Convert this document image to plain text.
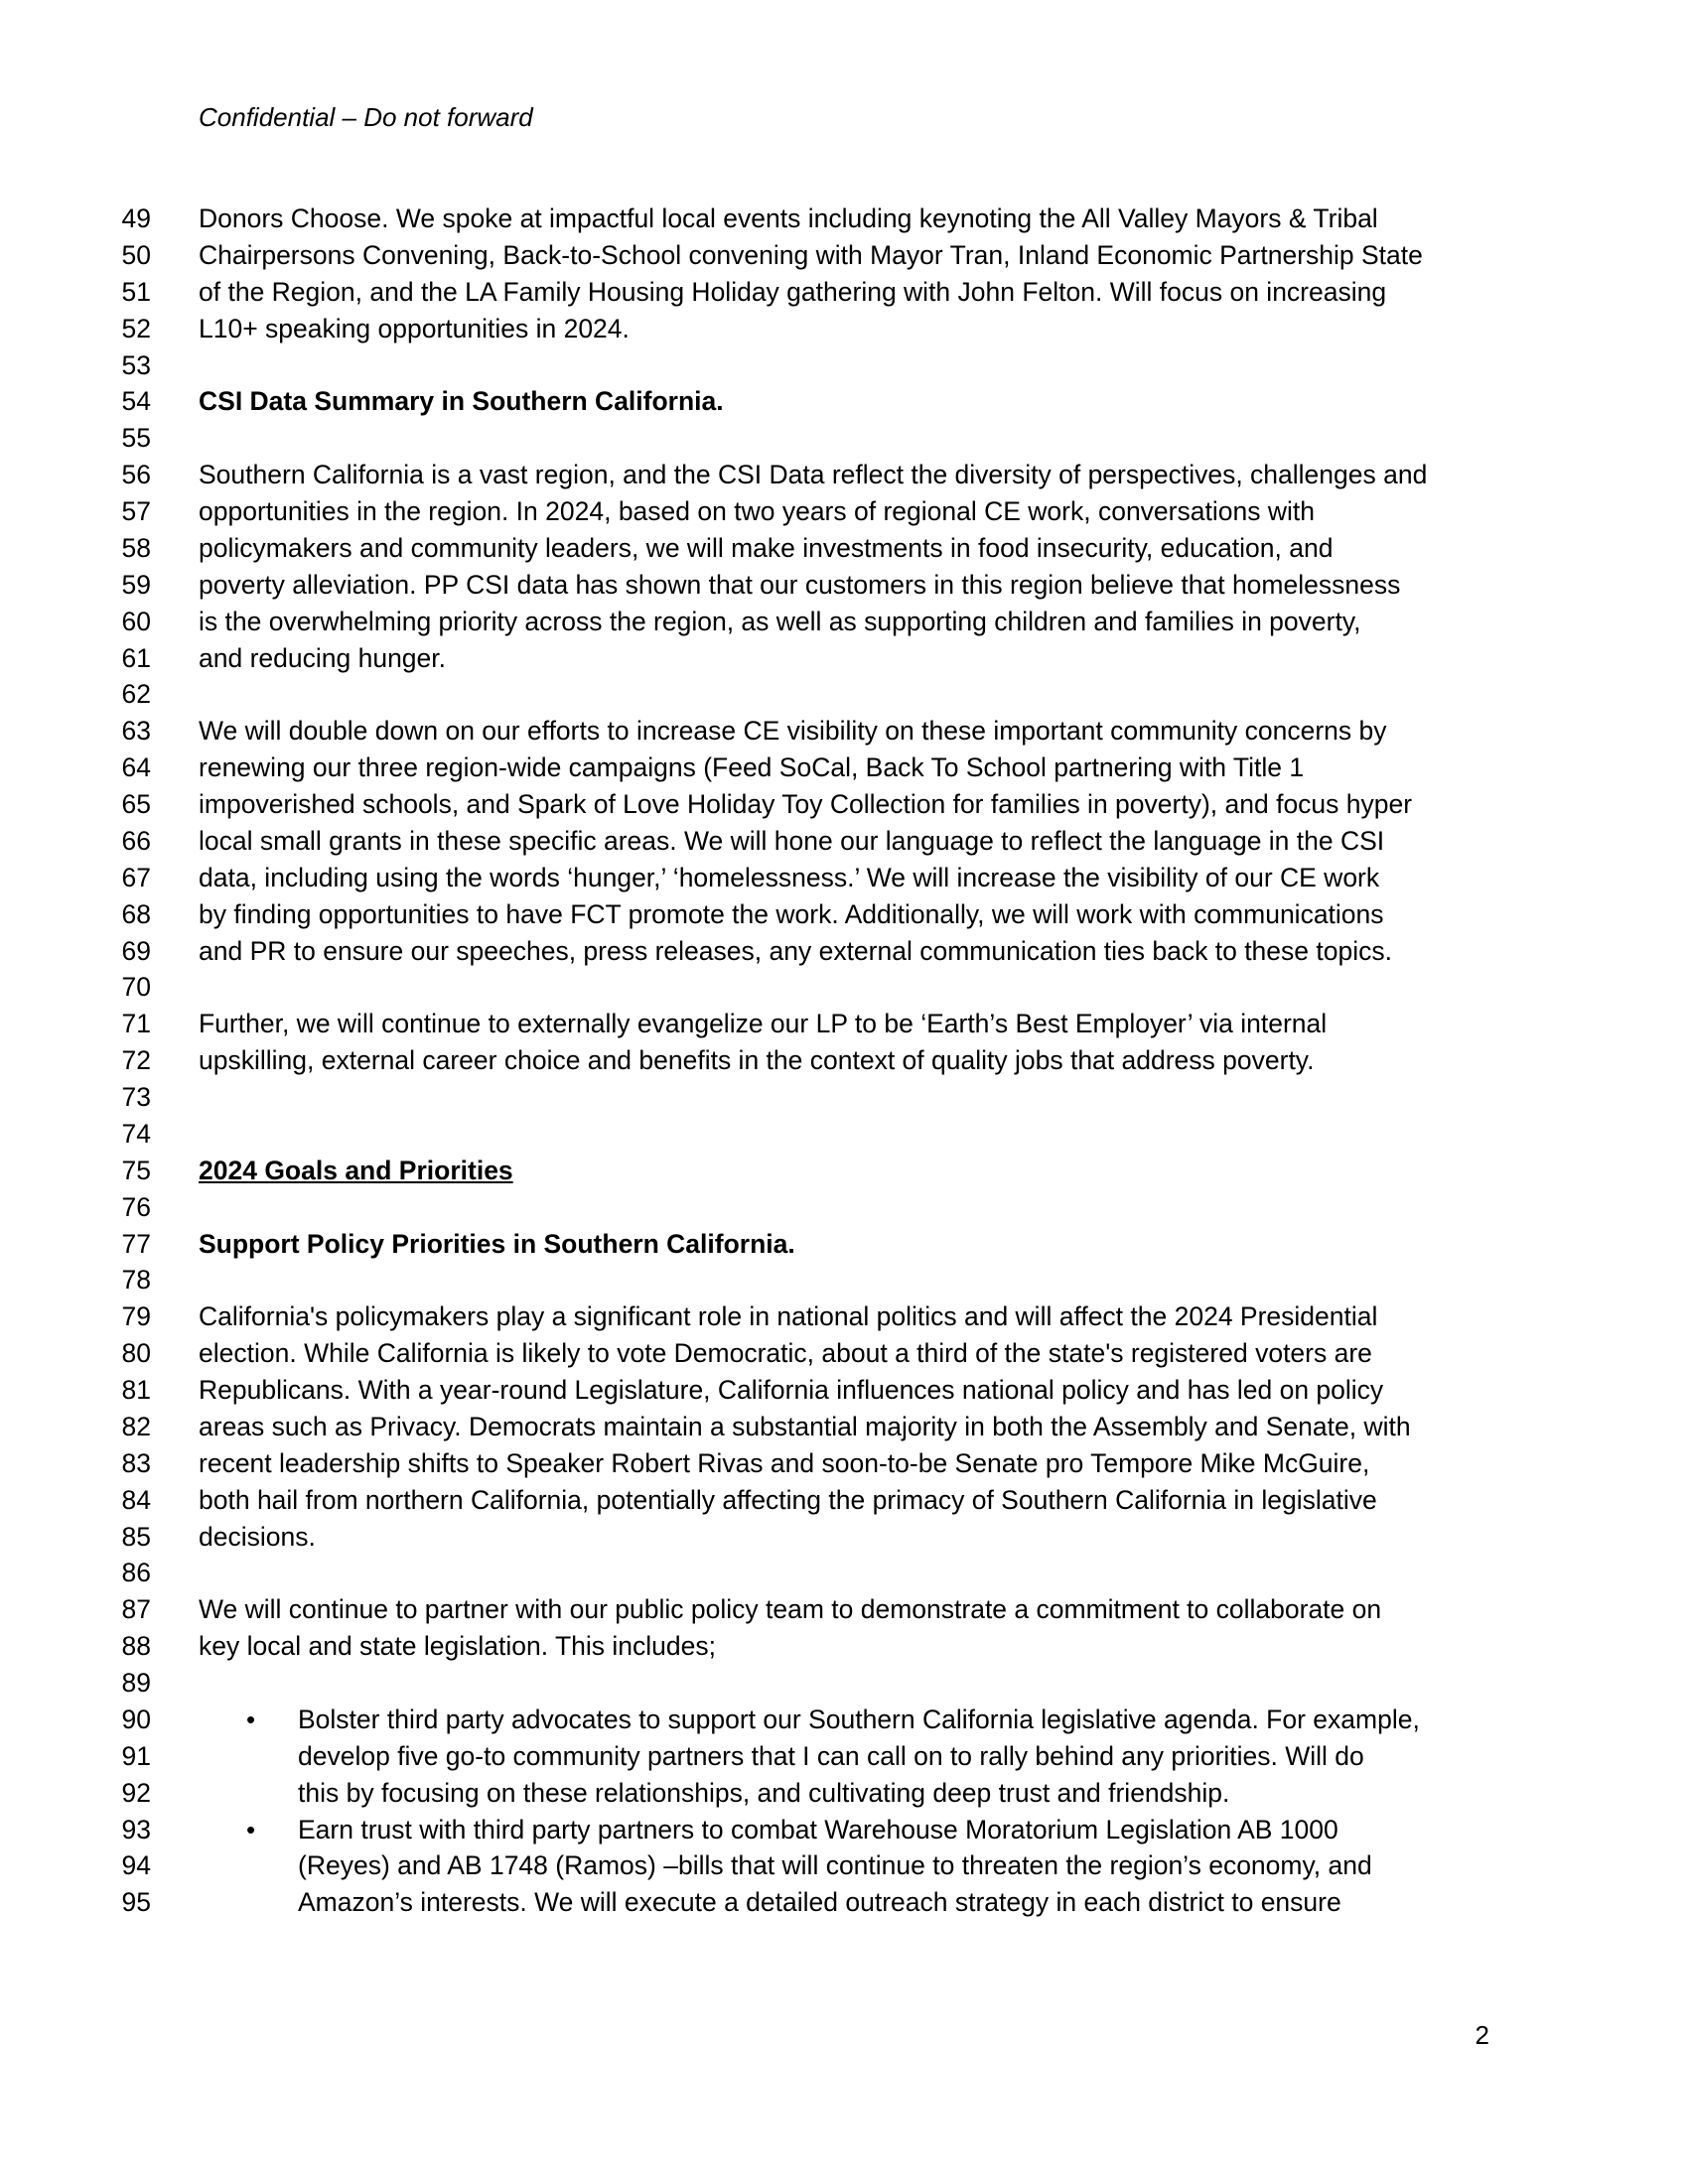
Confidential – Do not forward
49 Donors Choose. We spoke at impactful local events including keynoting the All Valley Mayors & Tribal
50 Chairpersons Convening, Back-to-School convening with Mayor Tran, Inland Economic Partnership State
51 of the Region, and the LA Family Housing Holiday gathering with John Felton. Will focus on increasing
52 L10+ speaking opportunities in 2024.
53
54 CSI Data Summary in Southern California.
55
56 Southern California is a vast region, and the CSI Data reflect the diversity of perspectives, challenges and
57 opportunities in the region. In 2024, based on two years of regional CE work, conversations with
58 policymakers and community leaders, we will make investments in food insecurity, education, and
59 poverty alleviation. PP CSI data has shown that our customers in this region believe that homelessness
60 is the overwhelming priority across the region, as well as supporting children and families in poverty,
61 and reducing hunger.
62
63 We will double down on our efforts to increase CE visibility on these important community concerns by
64 renewing our three region-wide campaigns (Feed SoCal, Back To School partnering with Title 1
65 impoverished schools, and Spark of Love Holiday Toy Collection for families in poverty), and focus hyper
66 local small grants in these specific areas. We will hone our language to reflect the language in the CSI
67 data, including using the words ‘hunger,’ ‘homelessness.’ We will increase the visibility of our CE work
68 by finding opportunities to have FCT promote the work. Additionally, we will work with communications
69 and PR to ensure our speeches, press releases, any external communication ties back to these topics.
70
71 Further, we will continue to externally evangelize our LP to be ‘Earth’s Best Employer’ via internal
72 upskilling, external career choice and benefits in the context of quality jobs that address poverty.
73
74
75 2024 Goals and Priorities
76
77 Support Policy Priorities in Southern California.
78
79 California's policymakers play a significant role in national politics and will affect the 2024 Presidential
80 election. While California is likely to vote Democratic, about a third of the state's registered voters are
81 Republicans. With a year-round Legislature, California influences national policy and has led on policy
82 areas such as Privacy. Democrats maintain a substantial majority in both the Assembly and Senate, with
83 recent leadership shifts to Speaker Robert Rivas and soon-to-be Senate pro Tempore Mike McGuire,
84 both hail from northern California, potentially affecting the primacy of Southern California in legislative
85 decisions.
86
87 We will continue to partner with our public policy team to demonstrate a commitment to collaborate on
88 key local and state legislation. This includes;
89
90	• Bolster third party advocates to support our Southern California legislative agenda. For example,
91	develop five go-to community partners that I can call on to rally behind any priorities. Will do
92	this by focusing on these relationships, and cultivating deep trust and friendship.
93	• Earn trust with third party partners to combat Warehouse Moratorium Legislation AB 1000
94	(Reyes) and AB 1748 (Ramos) –bills that will continue to threaten the region’s economy, and
95	Amazon’s interests. We will execute a detailed outreach strategy in each district to ensure
2
